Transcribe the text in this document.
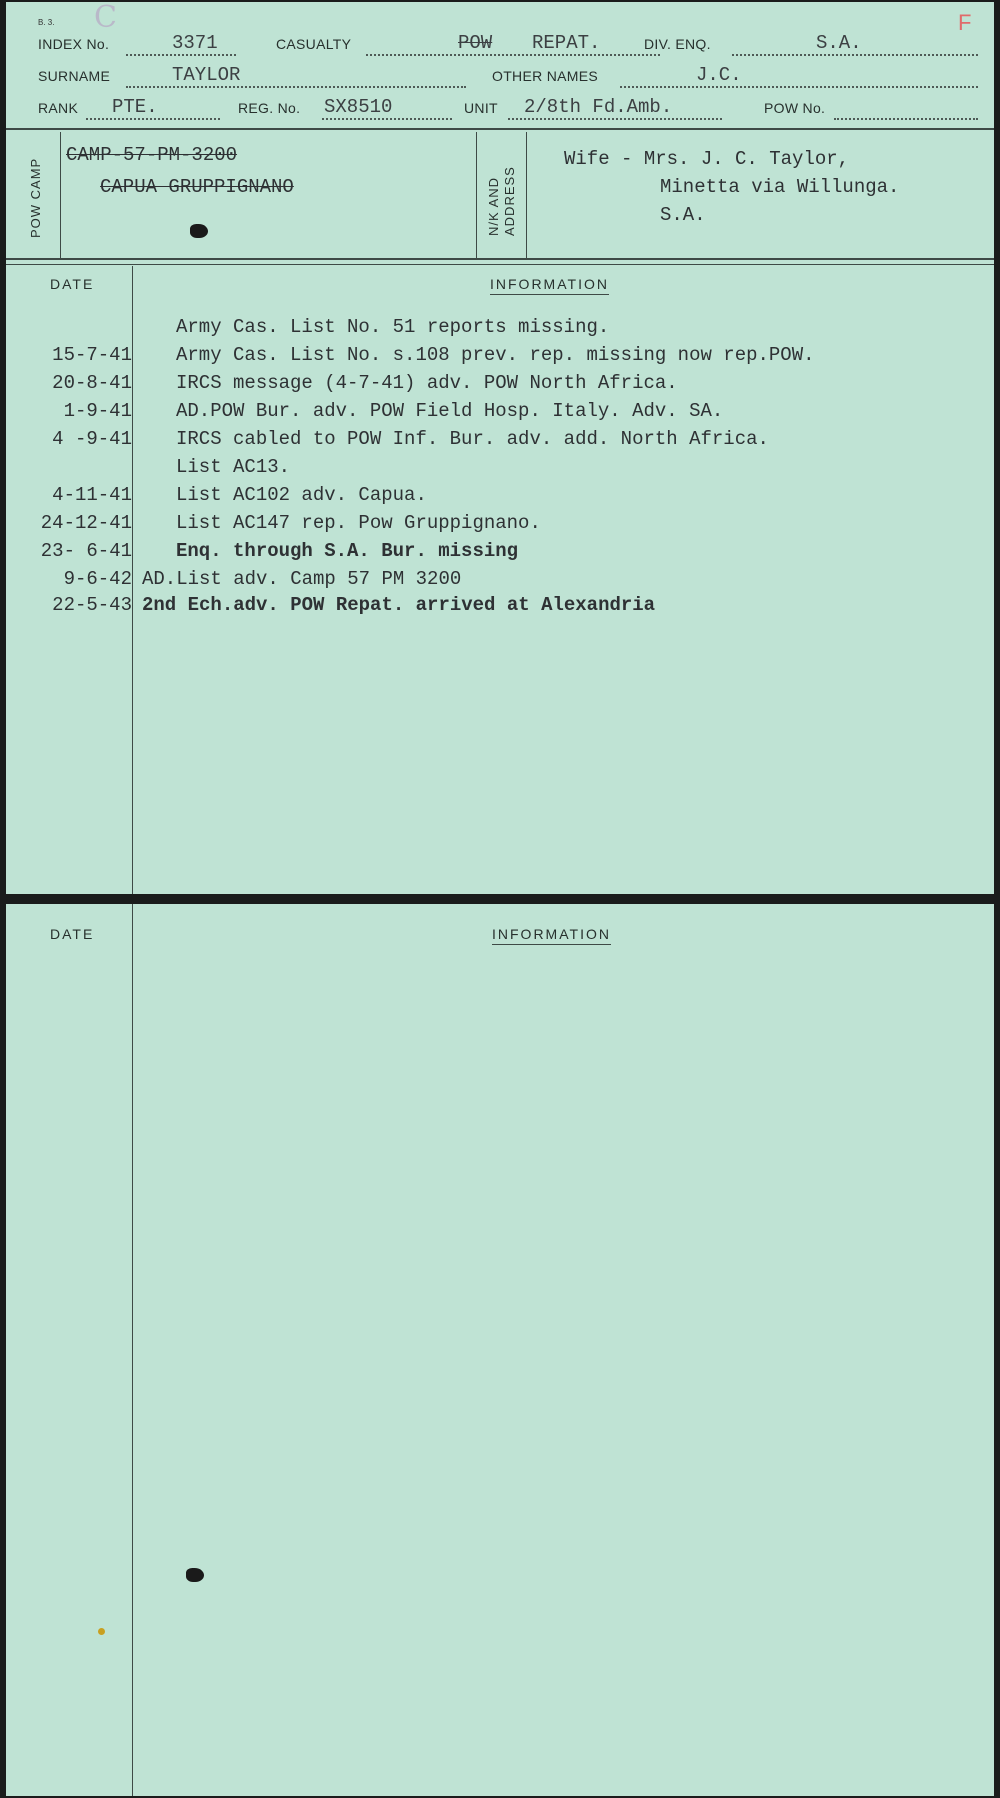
B. 3. C	F
INDEX No.	3371	CASUALTY	POW REPAT.	DIV. ENQ.	S.A.
SURNAME	TAYLOR	OTHER NAMES	J.C.
RANK PTE.	REG. No. SX8510	UNIT 2/8th Fd.Amb.	POW No.
POW CAMP
CAMP-57-PM-3200
CAPUA GRUPPIGNANO	N/K AND ADDRESS
Wife - Mrs. J. C. Taylor,
Minetta via Willunga.
S.A.
DATE	INFORMATION
Army Cas. List No. 51 reports missing.
15-7-41 Army Cas. List No. s.108 prev. rep. missing now rep.POW.
20-8-41 IRCS message (4-7-41) adv. POW North Africa.
1-9-41 AD.POW Bur. adv. POW Field Hosp. Italy. Adv. SA.
4 -9-41 IRCS cabled to POW Inf. Bur. adv. add. North Africa.
List AC13.
4-11-41 List AC102 adv. Capua.
24-12-41 List AC147 rep. Pow Gruppignano.
23- 6-41 Enq. through S.A. Bur. missing
9-6-42 AD.List adv. Camp 57 PM 3200
22-5-43 2nd Ech.adv. POW Repat. arrived at Alexandria
DATE	INFORMATION
